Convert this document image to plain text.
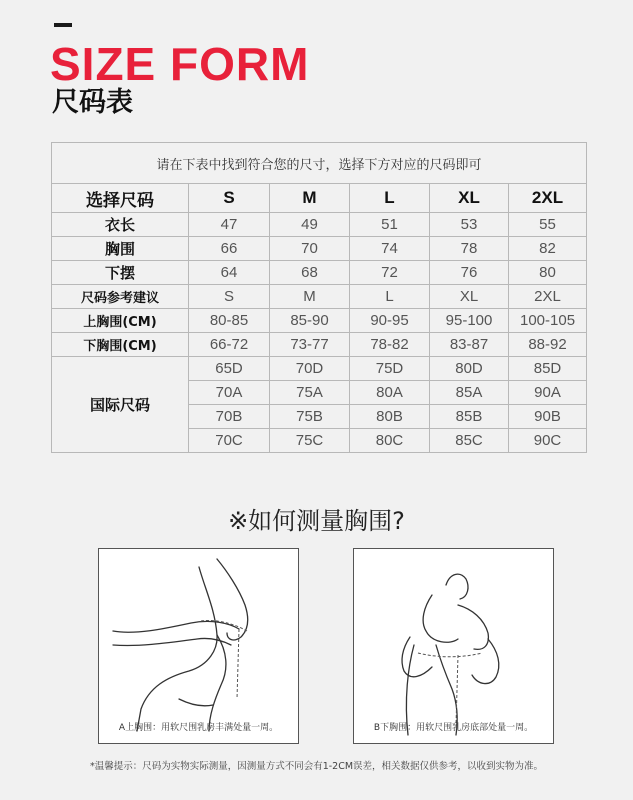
SIZE FORM
尺码表
请在下表中找到符合您的尺寸，选择下方对应的尺码即可					
选择尺码	S	M	L	XL	2XL
衣长	47	49	51	53	55
胸围	66	70	74	78	82
下摆	64	68	72	76	80
尺码参考建议	S	M	L	XL	2XL
上胸围(CM)	80-85	85-90	90-95	95-100	100-105
下胸围(CM)	66-72	73-77	78-82	83-87	88-92
国际尺码	65D	70D	75D	80D	85D
	70A	75A	80A	85A	90A
	70B	75B	80B	85B	90B
	70C	75C	80C	85C	90C
※如何测量胸围?
A上胸围：用软尺围乳房丰满处量一周。	B下胸围：用软尺围乳房底部处量一周。
*温馨提示：尺码为实物实际测量，因测量方式不同会有1-2CM误差，相关数据仅供参考，以收到实物为准。
